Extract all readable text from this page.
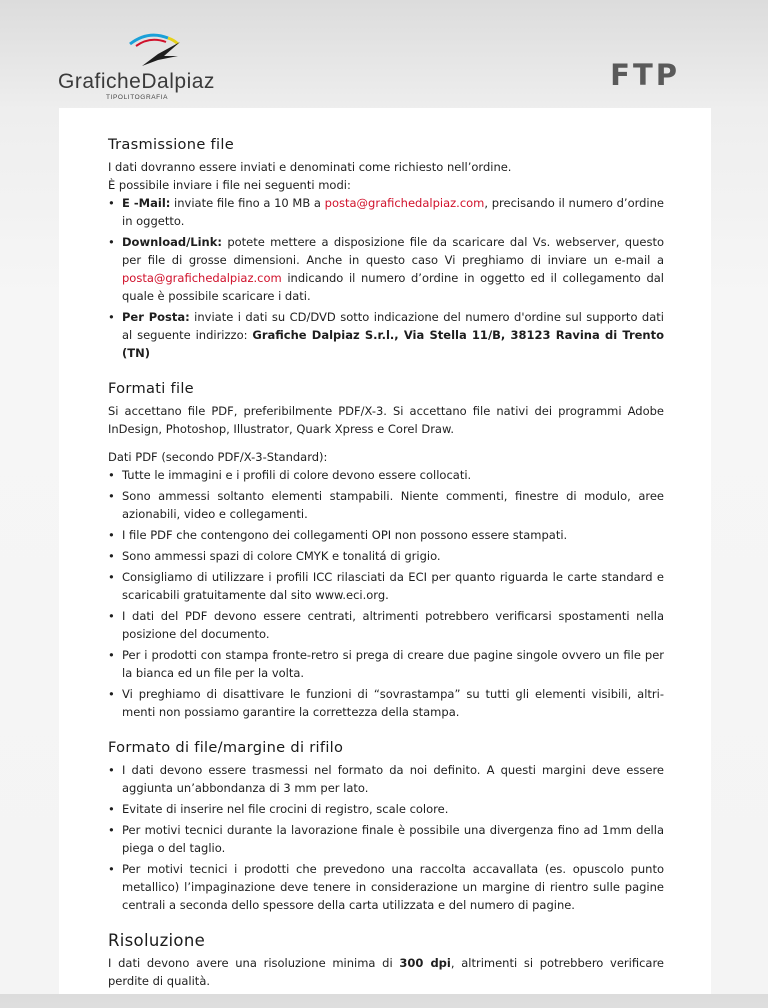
GraficheDalpiaz
TIPOLITOGRAFIA
FTP
Trasmissione file

I dati dovranno essere inviati e denominati come richiesto nell’ordine.

È possibile inviare i file nei seguenti modi:

• E -Mail: inviate file fino a 10 MB a posta@grafichedalpiaz.com, precisando il numero d’ordine in oggetto.
• Download/Link: potete mettere a disposizione file da scaricare dal Vs. webserver, questo per file di grosse dimensioni. Anche in questo caso Vi preghiamo di inviare un e-mail a posta@grafichedalpiaz.com indicando il numero d’ordine in oggetto ed il collegamento dal quale è possibile scaricare i dati.
• Per Posta: inviate i dati su CD/DVD sotto indicazione del numero d'ordine sul supporto dati al seguente indirizzo: Grafiche Dalpiaz S.r.l., Via Stella 11/B, 38123 Ravina di Trento (TN)
Formati file

Si accettano file PDF, preferibilmente PDF/X-3. Si accettano file nativi dei programmi Adobe InDesign, Photoshop, Illustrator, Quark Xpress e Corel Draw.

Dati PDF (secondo PDF/X-3-Standard):

• Tutte le immagini e i profili di colore devono essere collocati.
• Sono ammessi soltanto elementi stampabili. Niente commenti, finestre di modulo, aree azionabili, video e collegamenti.
• I file PDF che contengono dei collegamenti OPI non possono essere stampati.
• Sono ammessi spazi di colore CMYK e tonalitá di grigio.
• Consigliamo di utilizzare i profili ICC rilasciati da ECI per quanto riguarda le carte standard e scaricabili gratuitamente dal sito www.eci.org.
• I dati del PDF devono essere centrati, altrimenti potrebbero verificarsi spostamenti nella posizione del documento.
• Per i prodotti con stampa fronte-retro si prega di creare due pagine singole ovvero un file per la bianca ed un file per la volta.
• Vi preghiamo di disattivare le funzioni di “sovrastampa” su tutti gli elementi visibili, altri-menti non possiamo garantire la correttezza della stampa.
Formato di file/margine di rifilo
• I dati devono essere trasmessi nel formato da noi definito. A questi margini deve essere aggiunta un’abbondanza di 3 mm per lato.
• Evitate di inserire nel file crocini di registro, scale colore.
• Per motivi tecnici durante la lavorazione finale è possibile una divergenza fino ad 1mm della piega o del taglio.
• Per motivi tecnici i prodotti che prevedono una raccolta accavallata (es. opuscolo punto metallico) l’impaginazione deve tenere in considerazione un margine di rientro sulle pagine centrali a seconda dello spessore della carta utilizzata e del numero di pagine.
Risoluzione

I dati devono avere una risoluzione minima di 300 dpi, altrimenti si potrebbero verificare perdite di qualità.
